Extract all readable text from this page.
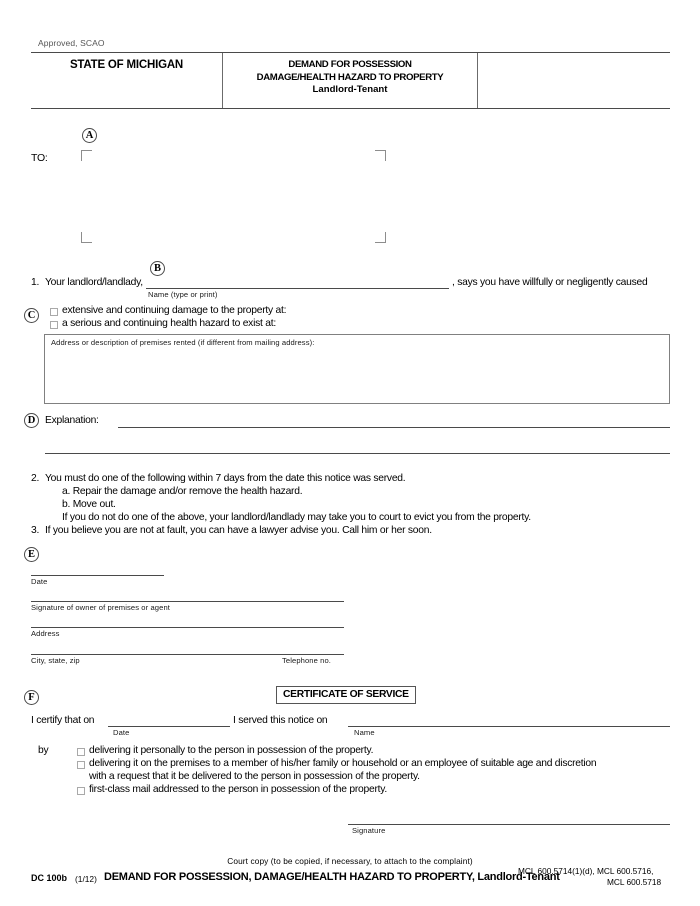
Approved, SCAO
STATE OF MICHIGAN	DEMAND FOR POSSESSION
DAMAGE/HEALTH HAZARD TO PROPERTY
Landlord-Tenant
A
TO:
B
1. Your landlord/landlady,
Name (type or print)
, says you have willfully or negligently caused
C	extensive and continuing damage to the property at:
a serious and continuing health hazard to exist at:
Address or description of premises rented (if different from mailing address):
D Explanation:
2. You must do one of the following within 7 days from the date this notice was served.
a. Repair the damage and/or remove the health hazard.
b. Move out.
If you do not do one of the above, your landlord/landlady may take you to court to evict you from the property.
3. If you believe you are not at fault, you can have a lawyer advise you. Call him or her soon.
E
Date
Signature of owner of premises or agent
Address
City, state, zip	Telephone no.
F	CERTIFICATE OF SERVICE
I certify that on
Date
I served this notice on
Name
by	delivering it personally to the person in possession of the property.
delivering it on the premises to a member of his/her family or household or an employee of suitable age and discretion
with a request that it be delivered to the person in possession of the property.
first-class mail addressed to the person in possession of the property.
Signature
Court copy (to be copied, if necessary, to attach to the complaint)
DC 100b (1/12) DEMAND FOR POSSESSION, DAMAGE/HEALTH HAZARD TO PROPERTY, Landlord-Tenant
MCL 600.5714(1)(d), MCL 600.5716,
MCL 600.5718
